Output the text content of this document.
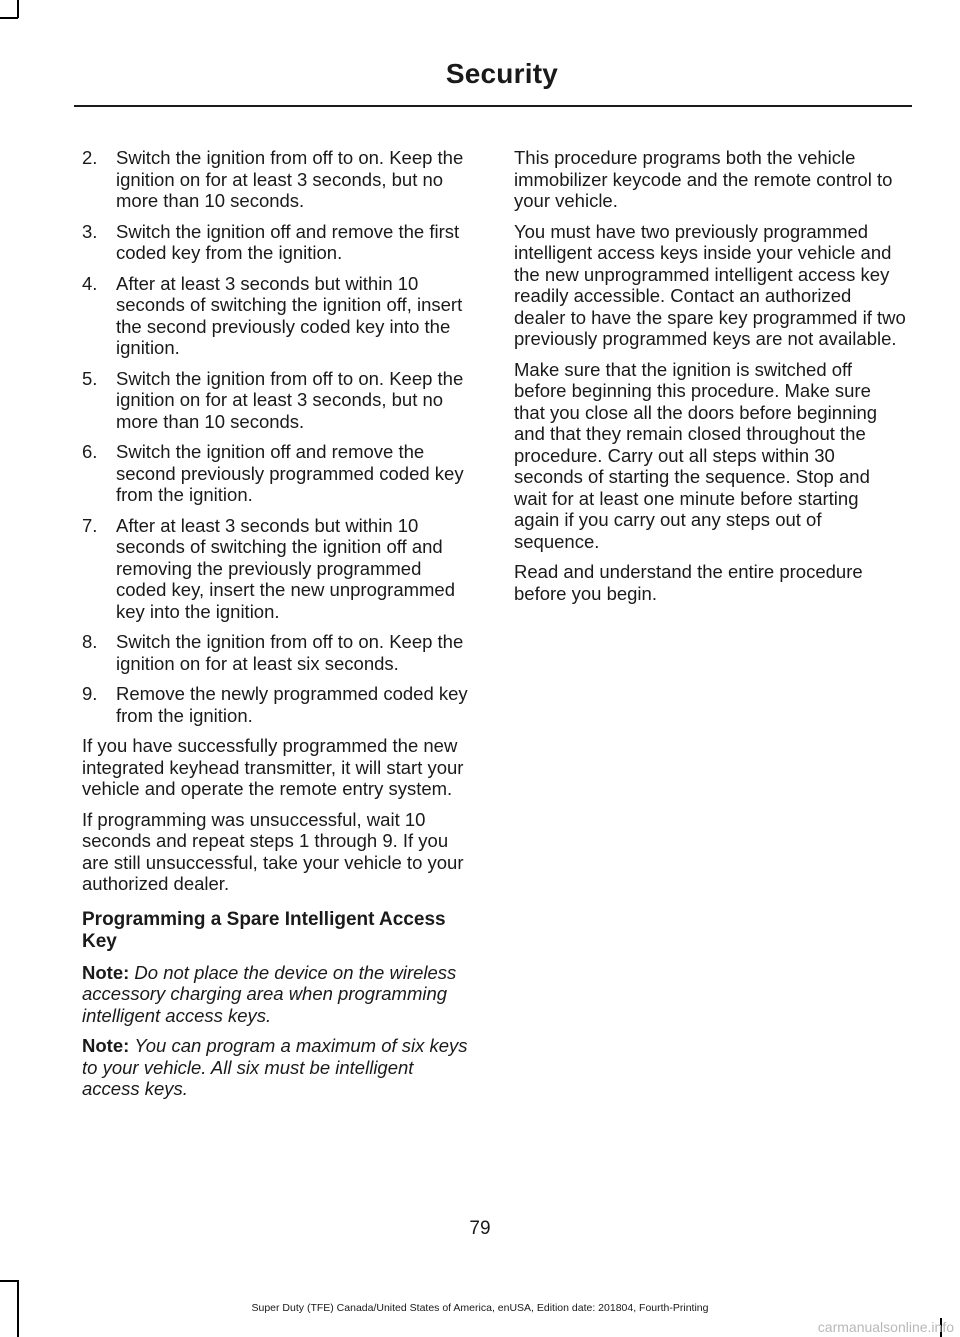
Security
2. Switch the ignition from off to on. Keep the ignition on for at least 3 seconds, but no more than 10 seconds.
3. Switch the ignition off and remove the first coded key from the ignition.
4. After at least 3 seconds but within 10 seconds of switching the ignition off, insert the second previously coded key into the ignition.
5. Switch the ignition from off to on. Keep the ignition on for at least 3 seconds, but no more than 10 seconds.
6. Switch the ignition off and remove the second previously programmed coded key from the ignition.
7. After at least 3 seconds but within 10 seconds of switching the ignition off and removing the previously programmed coded key, insert the new unprogrammed key into the ignition.
8. Switch the ignition from off to on. Keep the ignition on for at least six seconds.
9. Remove the newly programmed coded key from the ignition.

If you have successfully programmed the new integrated keyhead transmitter, it will start your vehicle and operate the remote entry system.

If programming was unsuccessful, wait 10 seconds and repeat steps 1 through 9. If you are still unsuccessful, take your vehicle to your authorized dealer.

Programming a Spare Intelligent Access Key

Note: Do not place the device on the wireless accessory charging area when programming intelligent access keys.

Note: You can program a maximum of six keys to your vehicle. All six must be intelligent access keys.

This procedure programs both the vehicle immobilizer keycode and the remote control to your vehicle.

You must have two previously programmed intelligent access keys inside your vehicle and the new unprogrammed intelligent access key readily accessible. Contact an authorized dealer to have the spare key programmed if two previously programmed keys are not available.

Make sure that the ignition is switched off before beginning this procedure. Make sure that you close all the doors before beginning and that they remain closed throughout the procedure. Carry out all steps within 30 seconds of starting the sequence. Stop and wait for at least one minute before starting again if you carry out any steps out of sequence.

Read and understand the entire procedure before you begin.

79
Super Duty (TFE) Canada/United States of America, enUSA, Edition date: 201804, Fourth-Printing
carmanualsonline.info
